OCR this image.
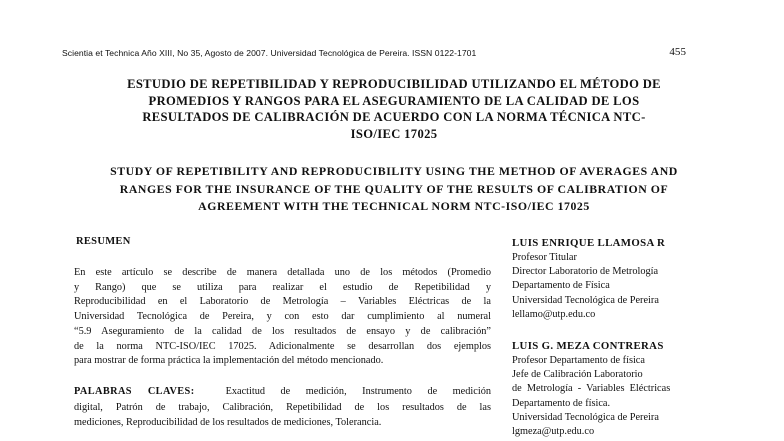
Scientia et Technica Año XIII, No 35, Agosto de 2007. Universidad Tecnológica de Pereira. ISSN 0122-1701	455
ESTUDIO DE REPETIBILIDAD Y REPRODUCIBILIDAD UTILIZANDO EL MÉTODO DE
PROMEDIOS Y RANGOS PARA EL ASEGURAMIENTO DE LA CALIDAD DE LOS
RESULTADOS DE CALIBRACIÓN DE ACUERDO CON LA NORMA TÉCNICA NTC-
ISO/IEC 17025
STUDY OF REPETIBILITY AND REPRODUCIBILITY USING THE METHOD OF AVERAGES AND
RANGES FOR THE INSURANCE OF THE QUALITY OF THE RESULTS OF CALIBRATION OF
AGREEMENT WITH THE TECHNICAL NORM NTC-ISO/IEC 17025
RESUMEN
En este artículo se describe de manera detallada uno de los métodos (Promedio
y Rango) que se utiliza para realizar el estudio de Repetibilidad y
Reproducibilidad en el Laboratorio de Metrología – Variables Eléctricas de la
Universidad Tecnológica de Pereira, y con esto dar cumplimiento al numeral
“5.9 Aseguramiento de la calidad de los resultados de ensayo y de calibración”
de la norma NTC-ISO/IEC 17025. Adicionalmente se desarrollan dos ejemplos
para mostrar de forma práctica la implementación del método mencionado.
PALABRAS CLAVES:	Exactitud de medición, Instrumento de medición
digital, Patrón de trabajo, Calibración, Repetibilidad de los resultados de las
mediciones, Reproducibilidad de los resultados de mediciones, Tolerancia.
LUIS ENRIQUE LLAMOSA R
Profesor Titular
Director Laboratorio de Metrología
Departamento de Física
Universidad Tecnológica de Pereira
lellamo@utp.edu.co
LUIS G. MEZA CONTRERAS
Profesor Departamento de física
Jefe de Calibración Laboratorio
de  Metrología  -  Variables  Eléctricas
Departamento de física.
Universidad Tecnológica de Pereira
lgmeza@utp.edu.co
